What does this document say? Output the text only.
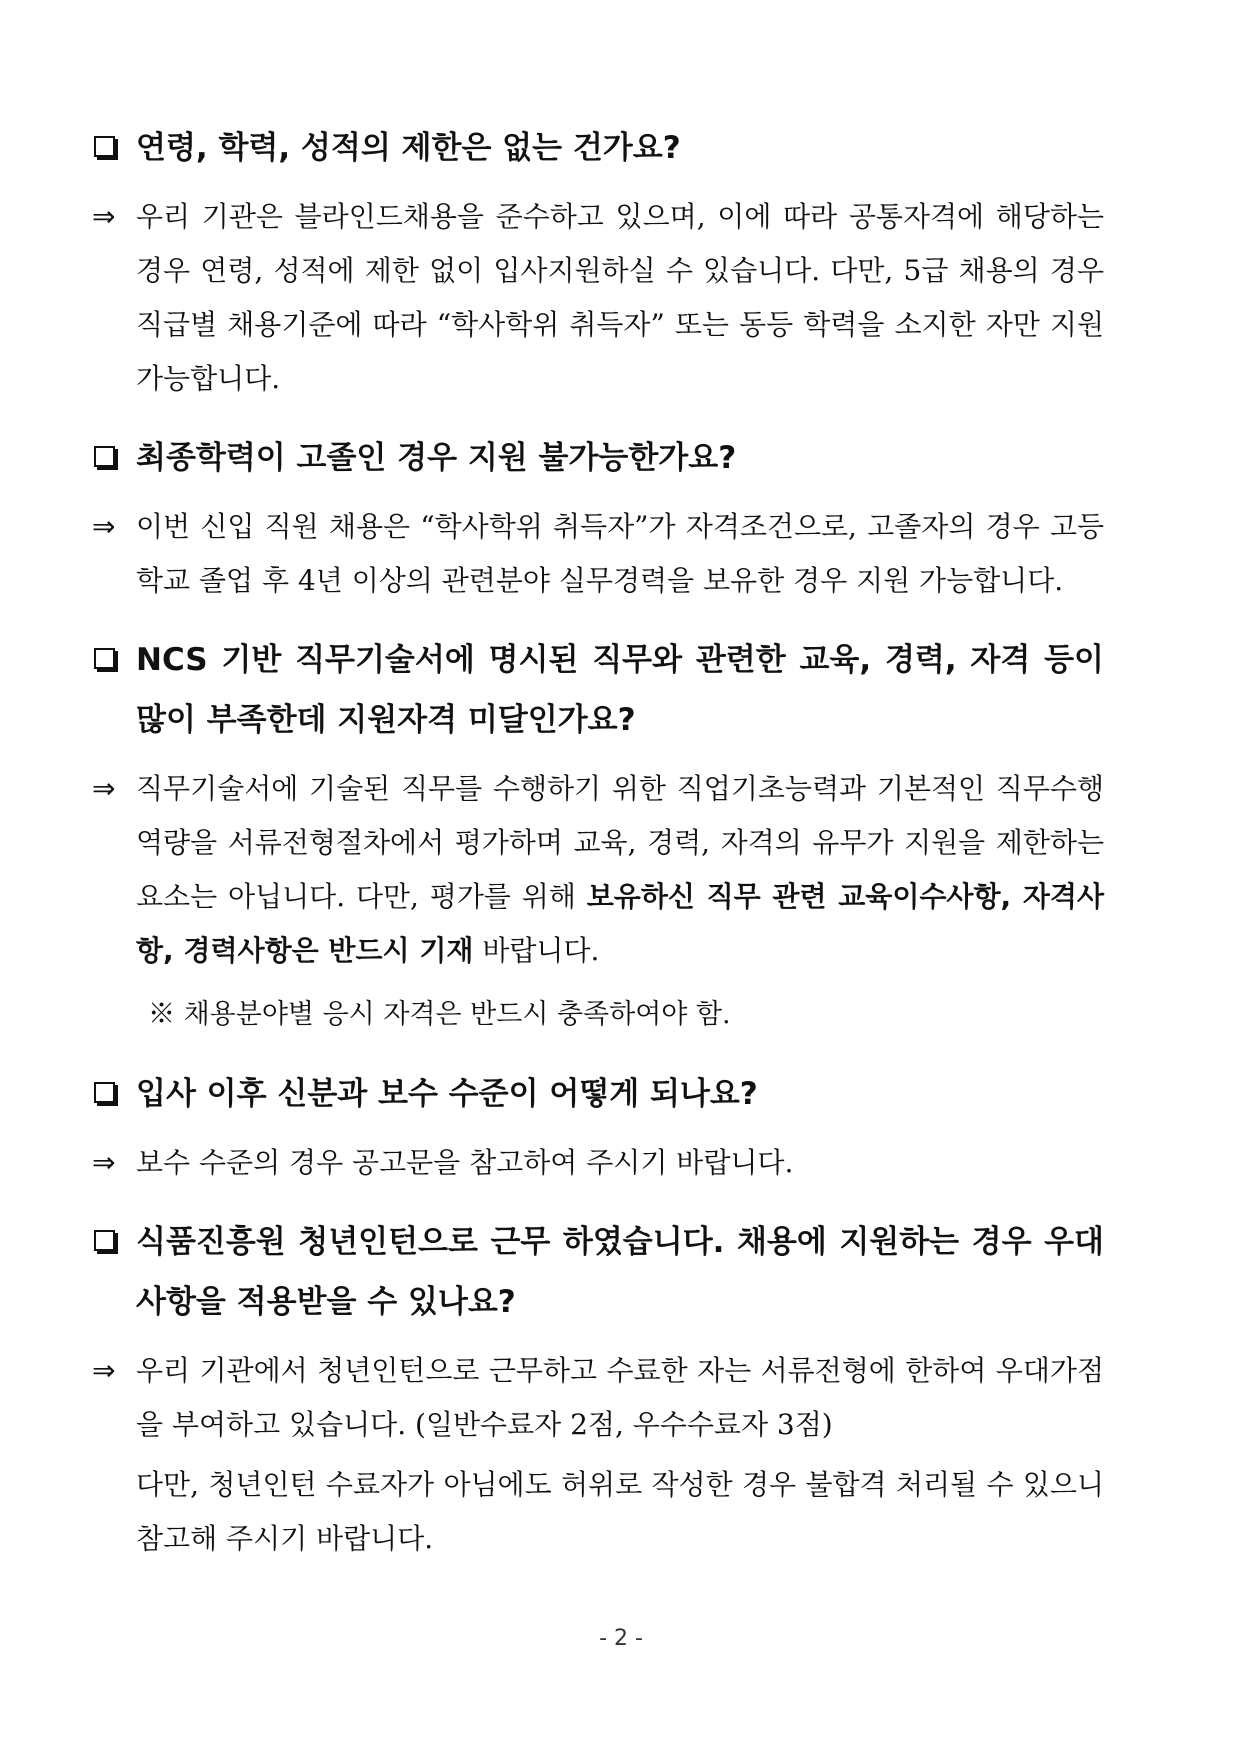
연령, 학력, 성적의 제한은 없는 건가요?

⇒ 우리 기관은 블라인드채용을 준수하고 있으며, 이에 따라 공통자격에 해당하는 경우 연령, 성적에 제한 없이 입사지원하실 수 있습니다. 다만, 5급 채용의 경우 직급별 채용기준에 따라 “학사학위 취득자” 또는 동등 학력을 소지한 자만 지원 가능합니다.

최종학력이 고졸인 경우 지원 불가능한가요?

⇒ 이번 신입 직원 채용은 “학사학위 취득자”가 자격조건으로, 고졸자의 경우 고등학교 졸업 후 4년 이상의 관련분야 실무경력을 보유한 경우 지원 가능합니다.

NCS 기반 직무기술서에 명시된 직무와 관련한 교육, 경력, 자격 등이 많이 부족한데 지원자격 미달인가요?

⇒ 직무기술서에 기술된 직무를 수행하기 위한 직업기초능력과 기본적인 직무수행 역량을 서류전형절차에서 평가하며 교육, 경력, 자격의 유무가 지원을 제한하는 요소는 아닙니다. 다만, 평가를 위해 보유하신 직무 관련 교육이수사항, 자격사항, 경력사항은 반드시 기재 바랍니다.

※ 채용분야별 응시 자격은 반드시 충족하여야 함.

입사 이후 신분과 보수 수준이 어떻게 되나요?

⇒ 보수 수준의 경우 공고문을 참고하여 주시기 바랍니다.

식품진흥원 청년인턴으로 근무 하였습니다. 채용에 지원하는 경우 우대사항을 적용받을 수 있나요?

⇒ 우리 기관에서 청년인턴으로 근무하고 수료한 자는 서류전형에 한하여 우대가점을 부여하고 있습니다. (일반수료자 2점, 우수수료자 3점)

다만, 청년인턴 수료자가 아님에도 허위로 작성한 경우 불합격 처리될 수 있으니 참고해 주시기 바랍니다.

- 2 -
